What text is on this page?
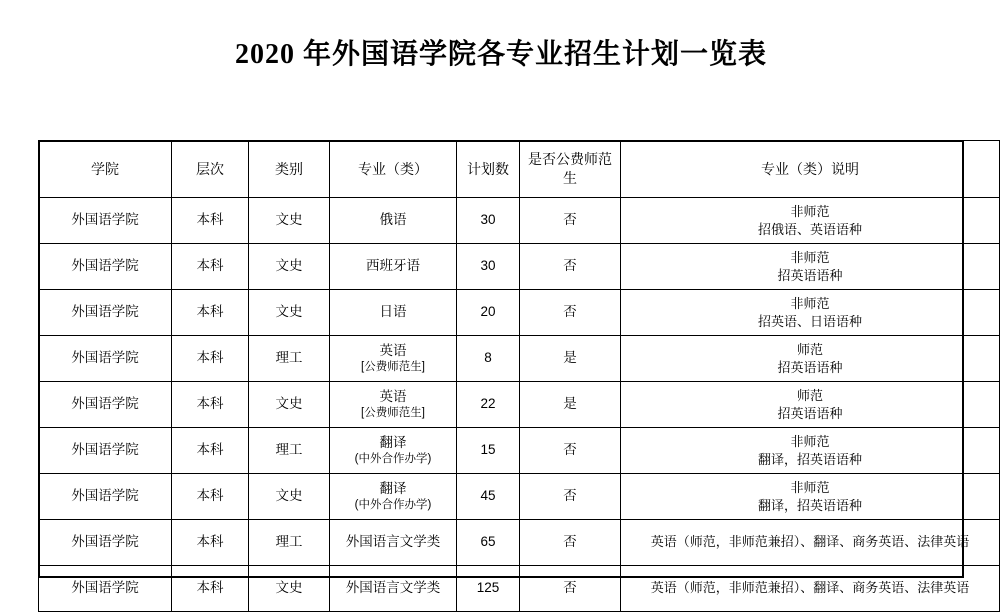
2020 年外国语学院各专业招生计划一览表
学院	层次	类别	专业（类）	计划数	是否公费师范生	专业（类）说明
外国语学院	本科	文史	俄语	30	否	非师范
招俄语、英语语种

外国语学院	本科	文史	西班牙语	30	否	非师范
招英语语种

外国语学院	本科	文史	日语	20	否	非师范
招英语、日语语种

外国语学院	本科	理工	英语
[公费师范生]	8	是	师范
招英语语种

外国语学院	本科	文史	英语
[公费师范生]	22	是	师范
招英语语种

外国语学院	本科	理工	翻译
(中外合作办学)	15	否	非师范
翻译，招英语语种

外国语学院	本科	文史	翻译
(中外合作办学)	45	否	非师范
翻译，招英语语种

外国语学院	本科	理工	外国语言文学类	65	否	英语（师范，非师范兼招）、翻译、商务英语、法律英语
外国语学院	本科	文史	外国语言文学类	125	否	英语（师范，非师范兼招）、翻译、商务英语、法律英语
